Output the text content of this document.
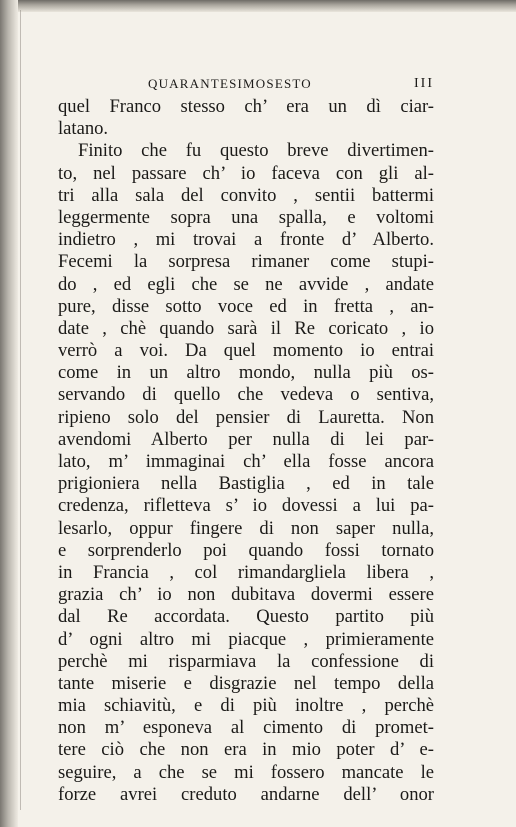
QUARANTESIMOSESTO	III
quel Franco stesso ch’ era un dì ciar-
latano.
Finito che fu questo breve divertimen-
to, nel passare ch’ io faceva con gli al-
tri alla sala del convito , sentii battermi
leggermente sopra una spalla, e voltomi
indietro , mi trovai a fronte d’ Alberto.
Fecemi la sorpresa rimaner come stupi-
do , ed egli che se ne avvide , andate
pure, disse sotto voce ed in fretta , an-
date , chè quando sarà il Re coricato , io
verrò a voi. Da quel momento io entrai
come in un altro mondo, nulla più os-
servando di quello che vedeva o sentiva,
ripieno solo del pensier di Lauretta. Non
avendomi Alberto per nulla di lei par-
lato, m’ immaginai ch’ ella fosse ancora
prigioniera nella Bastiglia , ed in tale
credenza, rifletteva s’ io dovessi a lui pa-
lesarlo, oppur fingere di non saper nulla,
e sorprenderlo poi quando fossi tornato
in Francia , col rimandargliela libera ,
grazia ch’ io non dubitava dovermi essere
dal Re accordata. Questo partito più
d’ ogni altro mi piacque , primieramente
perchè mi risparmiava la confessione di
tante miserie e disgrazie nel tempo della
mia schiavitù, e di più inoltre , perchè
non m’ esponeva al cimento di promet-
tere ciò che non era in mio poter d’ e-
seguire, a che se mi fossero mancate le
forze avrei creduto andarne dell’ onor
